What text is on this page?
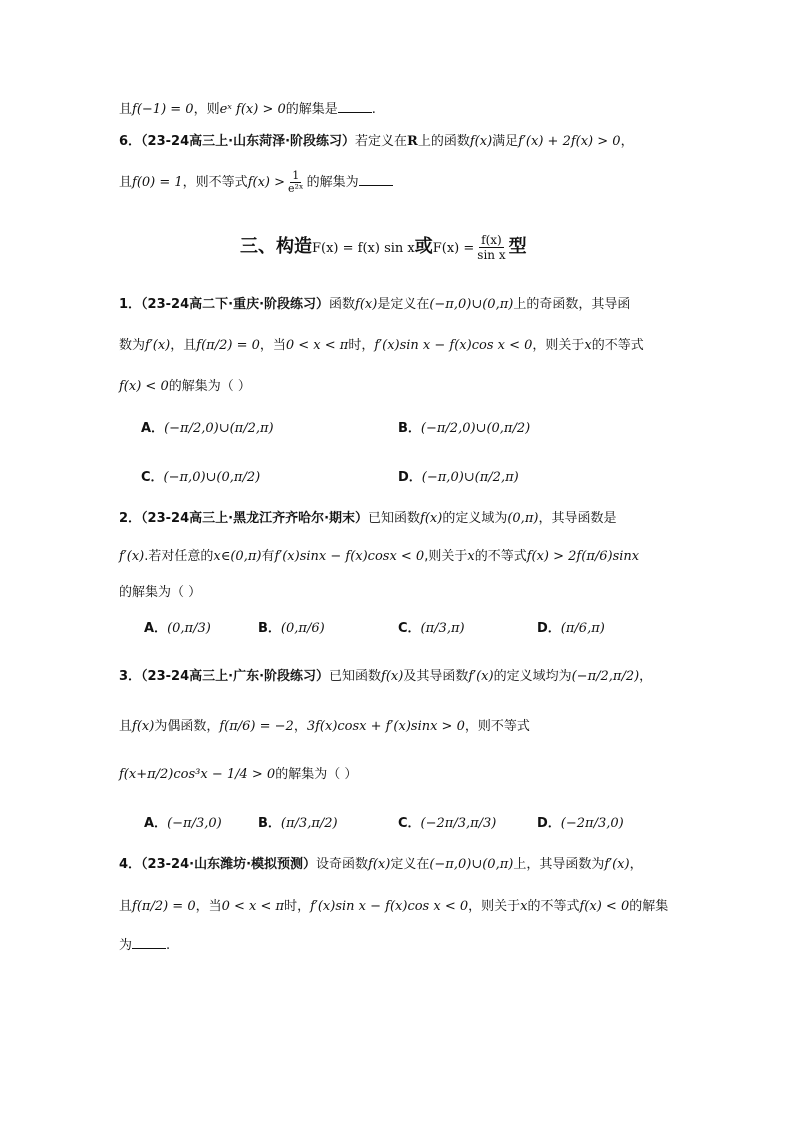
且f(−1) = 0，则eˣ f(x) > 0的解集是	.
6．（23-24高三上·山东菏泽·阶段练习）若定义在R上的函数f(x)满足f′(x) + 2f(x) > 0，
且f(0) = 1，则不等式$f(x) > \frac{1}{\text{e²ˣ}}$ 的解集为
三、构造F(x) = f(x) sin x或$F(x) = \frac{f(x)}{\text{sin x}}$ 型
1．（23-24高二下·重庆·阶段练习）函数f(x)是定义在(−π,0)∪(0,π)上的奇函数，其导函
数为f′(x)，且f(π/2) = 0，当0 < x < π时，f′(x)sin x − f(x)cos x < 0，则关于x的不等式
f(x) < 0的解集为（ ）
A．(−π/2,0)∪(π/2,π)	B．(−π/2,0)∪(0,π/2)
C．(−π,0)∪(0,π/2)	D．(−π,0)∪(π/2,π)
2．（23-24高三上·黑龙江齐齐哈尔·期末）已知函数f(x)的定义域为(0,π)，其导函数是
f′(x).若对任意的x∈(0,π)有f′(x)sinx − f(x)cosx < 0,则关于x的不等式f(x) > 2f(π/6)sinx
的解集为（ ）
A．(0,π/3)	B．(0,π/6)	C．(π/3,π)	D．(π/6,π)
3．（23-24高三上·广东·阶段练习）已知函数f(x)及其导函数f′(x)的定义域均为(−π/2,π/2)，
且f(x)为偶函数，f(π/6) = −2，3f(x)cosx + f′(x)sinx > 0，则不等式
f(x+π/2)cos³x − 1/4 > 0的解集为（ ）
A．(−π/3,0)	B．(π/3,π/2)	C．(−2π/3,π/3)	D．(−2π/3,0)
4．（23-24·山东潍坊·模拟预测）设奇函数f(x)定义在(−π,0)∪(0,π)上，其导函数为f′(x)，
且f(π/2) = 0，当0 < x < π时，f′(x)sin x − f(x)cos x < 0，则关于x的不等式f(x) < 0的解集
为	.
